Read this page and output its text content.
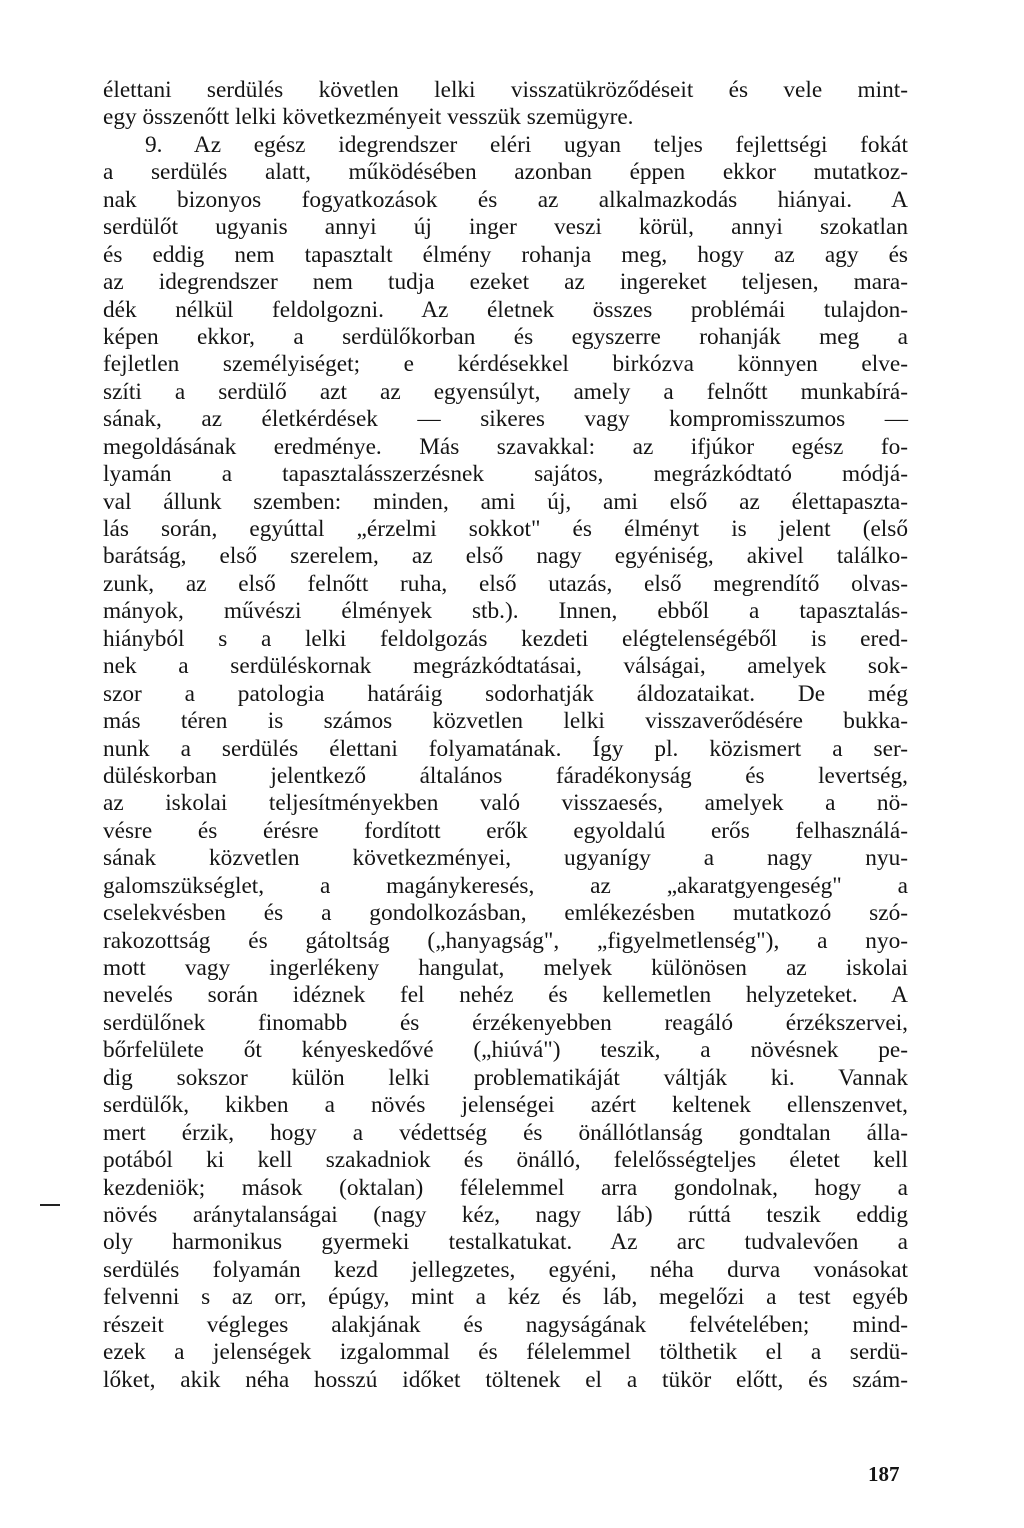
élettani serdülés követlen lelki visszatükröződéseit és vele mint-
egy összenőtt lelki következményeit vesszük szemügyre.
9. Az egész idegrendszer eléri ugyan teljes fejlettségi fokát
a serdülés alatt, működésében azonban éppen ekkor mutatkoz-
nak bizonyos fogyatkozások és az alkalmazkodás hiányai. A
serdülőt ugyanis annyi új inger veszi körül, annyi szokatlan
és eddig nem tapasztalt élmény rohanja meg, hogy az agy és
az idegrendszer nem tudja ezeket az ingereket teljesen, mara-
dék nélkül feldolgozni. Az életnek összes problémái tulajdon-
képen ekkor, a serdülőkorban és egyszerre rohanják meg a
fejletlen személyiséget; e kérdésekkel birkózva könnyen elve-
szíti a serdülő azt az egyensúlyt, amely a felnőtt munkabírá-
sának, az életkérdések — sikeres vagy kompromisszumos —
megoldásának eredménye. Más szavakkal: az ifjúkor egész fo-
lyamán a tapasztalásszerzésnek sajátos, megrázkódtató módjá-
val állunk szemben: minden, ami új, ami első az élettapaszta-
lás során, egyúttal „érzelmi sokkot" és élményt is jelent (első
barátság, első szerelem, az első nagy egyéniség, akivel találko-
zunk, az első felnőtt ruha, első utazás, első megrendítő olvas-
mányok, művészi élmények stb.). Innen, ebből a tapasztalás-
hiányból s a lelki feldolgozás kezdeti elégtelenségéből is ered-
nek a serdüléskornak megrázkódtatásai, válságai, amelyek sok-
szor a patologia határáig sodorhatják áldozataikat. De még
más téren is számos közvetlen lelki visszaverődésére bukka-
nunk a serdülés élettani folyamatának. Így pl. közismert a ser-
düléskorban jelentkező általános fáradékonyság és levertség,
az iskolai teljesítményekben való visszaesés, amelyek a nö-
vésre és érésre fordított erők egyoldalú erős felhasználá-
sának közvetlen következményei, ugyanígy a nagy nyu-
galomszükséglet, a magánykeresés, az „akaratgyengeség" a
cselekvésben és a gondolkozásban, emlékezésben mutatkozó szó-
rakozottság és gátoltság („hanyagság", „figyelmetlenség"), a nyo-
mott vagy ingerlékeny hangulat, melyek különösen az iskolai
nevelés során idéznek fel nehéz és kellemetlen helyzeteket. A
serdülőnek finomabb és érzékenyebben reagáló érzékszervei,
bőrfelülete őt kényeskedővé („hiúvá") teszik, a növésnek pe-
dig sokszor külön lelki problematikáját váltják ki. Vannak
serdülők, kikben a növés jelenségei azért keltenek ellenszenvet,
mert érzik, hogy a védettség és önállótlanság gondtalan álla-
potából ki kell szakadniok és önálló, felelősségteljes életet kell
kezdeniök; mások (oktalan) félelemmel arra gondolnak, hogy a
növés aránytalanságai (nagy kéz, nagy láb) rúttá teszik eddig
oly harmonikus gyermeki testalkatukat. Az arc tudvalevően a
serdülés folyamán kezd jellegzetes, egyéni, néha durva vonásokat
felvenni s az orr, épúgy, mint a kéz és láb, megelőzi a test egyéb
részeit végleges alakjának és nagyságának felvételében; mind-
ezek a jelenségek izgalommal és félelemmel tölthetik el a serdü-
lőket, akik néha hosszú időket töltenek el a tükör előtt, és szám-
187
